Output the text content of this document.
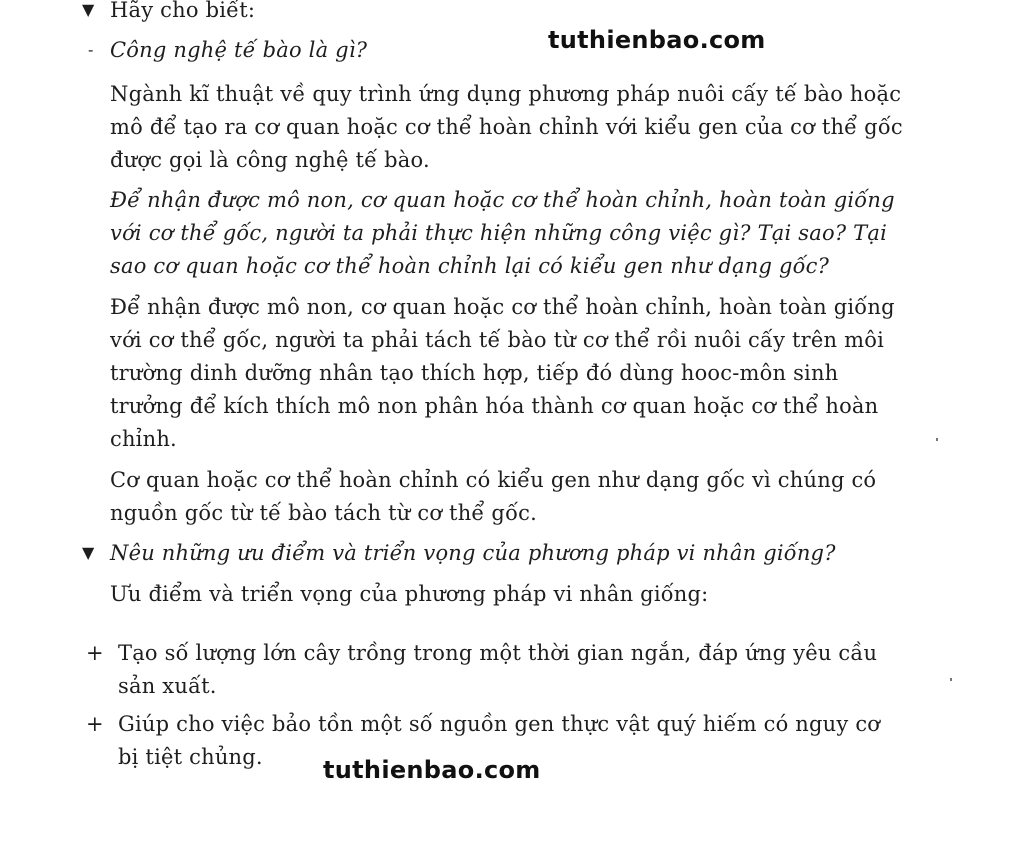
▼ Hãy cho biết:
tuthienbao.com
- Công nghệ tế bào là gì?
Ngành kĩ thuật về quy trình ứng dụng phương pháp nuôi cấy tế bào hoặc
mô để tạo ra cơ quan hoặc cơ thể hoàn chỉnh với kiểu gen của cơ thể gốc
được gọi là công nghệ tế bào.
Để nhận được mô non, cơ quan hoặc cơ thể hoàn chỉnh, hoàn toàn giống
với cơ thể gốc, người ta phải thực hiện những công việc gì? Tại sao? Tại
sao cơ quan hoặc cơ thể hoàn chỉnh lại có kiểu gen như dạng gốc?
Để nhận được mô non, cơ quan hoặc cơ thể hoàn chỉnh, hoàn toàn giống
với cơ thể gốc, người ta phải tách tế bào từ cơ thể rồi nuôi cấy trên môi
trường dinh dưỡng nhân tạo thích hợp, tiếp đó dùng hooc-môn sinh
trưởng để kích thích mô non phân hóa thành cơ quan hoặc cơ thể hoàn
chỉnh.
Cơ quan hoặc cơ thể hoàn chỉnh có kiểu gen như dạng gốc vì chúng có
nguồn gốc từ tế bào tách từ cơ thể gốc.
▼ Nêu những ưu điểm và triển vọng của phương pháp vi nhân giống?
Ưu điểm và triển vọng của phương pháp vi nhân giống:
+ Tạo số lượng lớn cây trồng trong một thời gian ngắn, đáp ứng yêu cầu
sản xuất.
+ Giúp cho việc bảo tồn một số nguồn gen thực vật quý hiếm có nguy cơ
bị tiệt chủng.	tuthienbao.com
